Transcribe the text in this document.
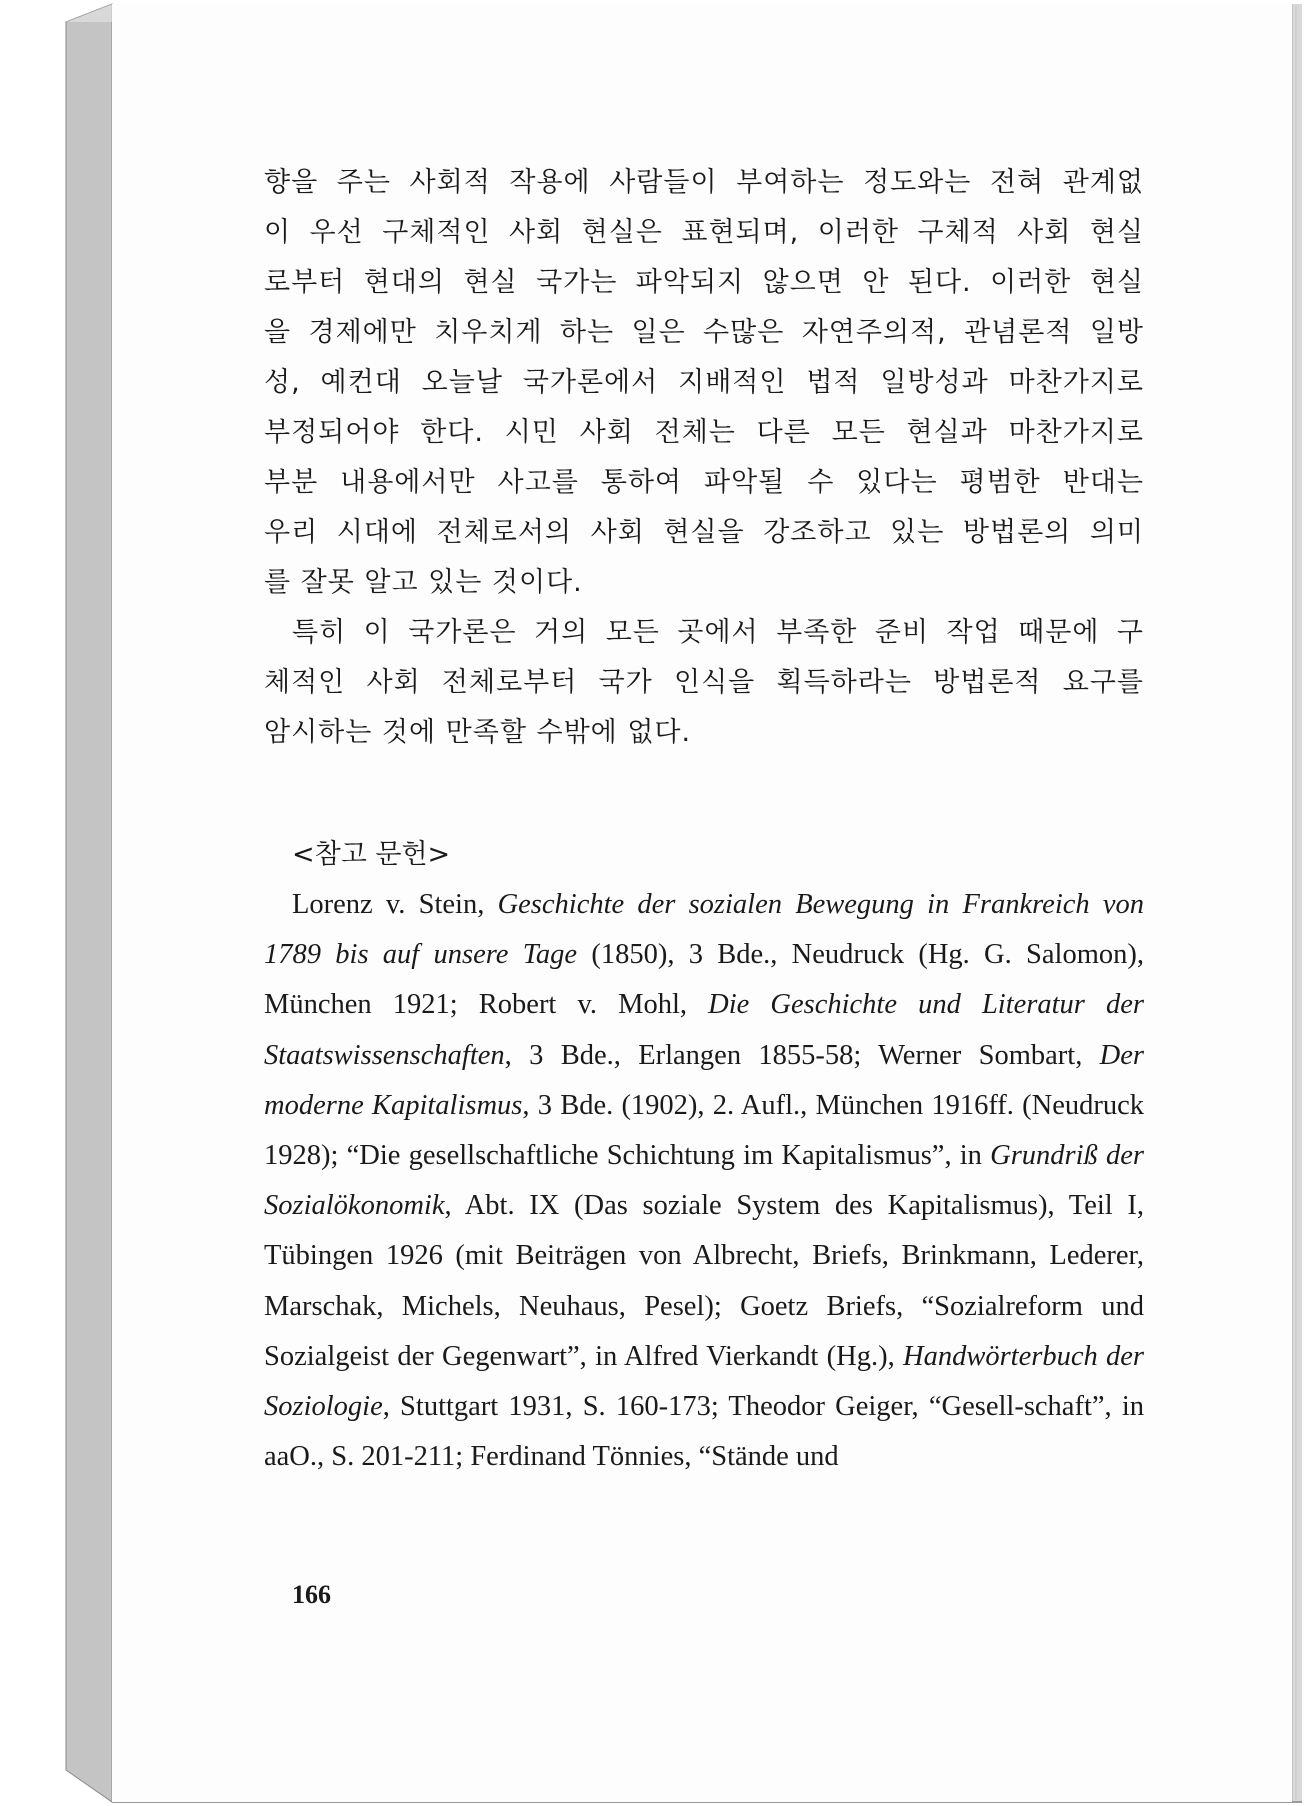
향을 주는 사회적 작용에 사람들이 부여하는 정도와는 전혀 관계없

이 우선 구체적인 사회 현실은 표현되며, 이러한 구체적 사회 현실

로부터 현대의 현실 국가는 파악되지 않으면 안 된다. 이러한 현실

을 경제에만 치우치게 하는 일은 수많은 자연주의적, 관념론적 일방

성, 예컨대 오늘날 국가론에서 지배적인 법적 일방성과 마찬가지로

부정되어야 한다. 시민 사회 전체는 다른 모든 현실과 마찬가지로

부분 내용에서만 사고를 통하여 파악될 수 있다는 평범한 반대는

우리 시대에 전체로서의 사회 현실을 강조하고 있는 방법론의 의미

를 잘못 알고 있는 것이다.

특히 이 국가론은 거의 모든 곳에서 부족한 준비 작업 때문에 구

체적인 사회 전체로부터 국가 인식을 획득하라는 방법론적 요구를

암시하는 것에 만족할 수밖에 없다.

<참고 문헌>

Lorenz v. Stein, Geschichte der sozialen Bewegung in Frankreich von 1789 bis auf unsere Tage (1850), 3 Bde., Neudruck (Hg. G. Salomon), München 1921; Robert v. Mohl, Die Geschichte und Literatur der Staatswissenschaften, 3 Bde., Erlangen 1855-58; Werner Sombart, Der moderne Kapitalismus, 3 Bde. (1902), 2. Aufl., München 1916ff. (Neudruck 1928); “Die gesellschaftliche Schichtung im Kapitalismus”, in Grundriß der Sozialökonomik, Abt. IX (Das soziale System des Kapitalismus), Teil I, Tübingen 1926 (mit Beiträgen von Albrecht, Briefs, Brinkmann, Lederer, Marschak, Michels, Neuhaus, Pesel); Goetz Briefs, “Sozialreform und Sozialgeist der Gegenwart”, in Alfred Vierkandt (Hg.), Handwörterbuch der Soziologie, Stuttgart 1931, S. 160-173; Theodor Geiger, “Gesell-schaft”, in aaO., S. 201-211; Ferdinand Tönnies, “Stände und

166
